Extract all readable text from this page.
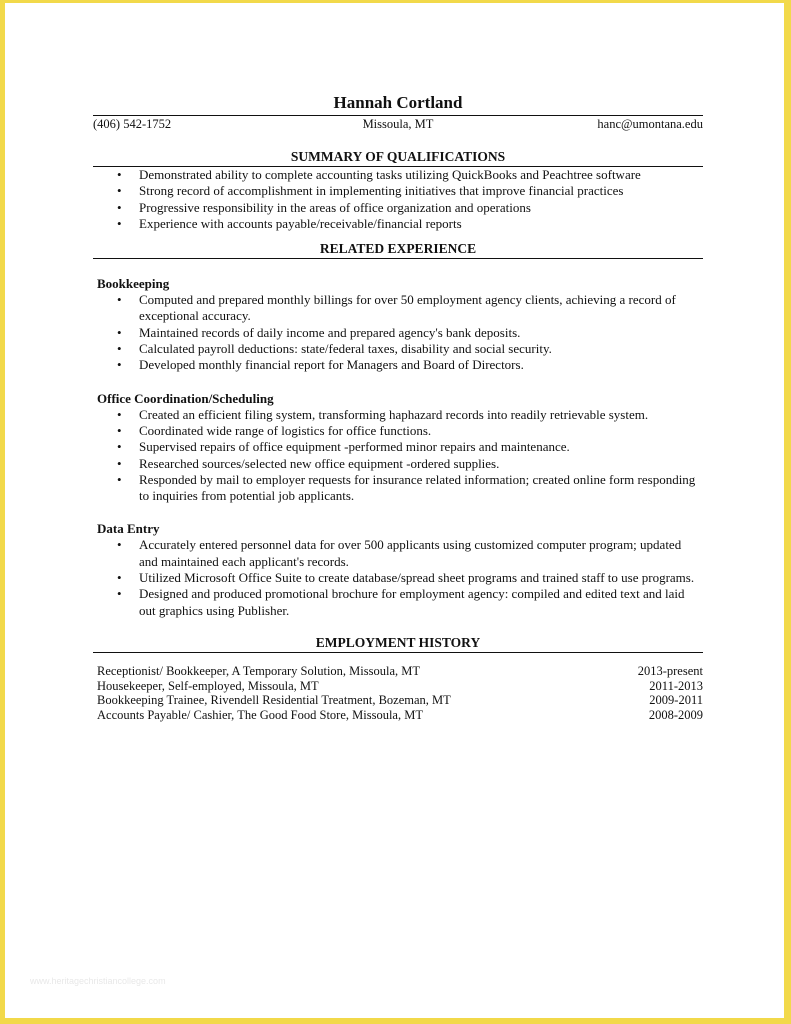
Hannah Cortland
(406) 542-1752	Missoula, MT	hanc@umontana.edu
SUMMARY OF QUALIFICATIONS
• Demonstrated ability to complete accounting tasks utilizing QuickBooks and Peachtree software
• Strong record of accomplishment in implementing initiatives that improve financial practices
• Progressive responsibility in the areas of office organization and operations
• Experience with accounts payable/receivable/financial reports
RELATED EXPERIENCE
Bookkeeping
• Computed and prepared monthly billings for over 50 employment agency clients, achieving a record of exceptional accuracy.
• Maintained records of daily income and prepared agency's bank deposits.
• Calculated payroll deductions: state/federal taxes, disability and social security.
• Developed monthly financial report for Managers and Board of Directors.
Office Coordination/Scheduling
• Created an efficient filing system, transforming haphazard records into readily retrievable system.
• Coordinated wide range of logistics for office functions.
• Supervised repairs of office equipment -performed minor repairs and maintenance.
• Researched sources/selected new office equipment -ordered supplies.
• Responded by mail to employer requests for insurance related information; created online form responding to inquiries from potential job applicants.
Data Entry
• Accurately entered personnel data for over 500 applicants using customized computer program; updated and maintained each applicant's records.
• Utilized Microsoft Office Suite to create database/spread sheet programs and trained staff to use programs.
• Designed and produced promotional brochure for employment agency: compiled and edited text and laid out graphics using Publisher.
EMPLOYMENT HISTORY
Receptionist/ Bookkeeper, A Temporary Solution, Missoula, MT	2013-present
Housekeeper, Self-employed, Missoula, MT	2011-2013
Bookkeeping Trainee, Rivendell Residential Treatment, Bozeman, MT	2009-2011
Accounts Payable/ Cashier, The Good Food Store, Missoula, MT	2008-2009
www.heritagechristiancollege.com
